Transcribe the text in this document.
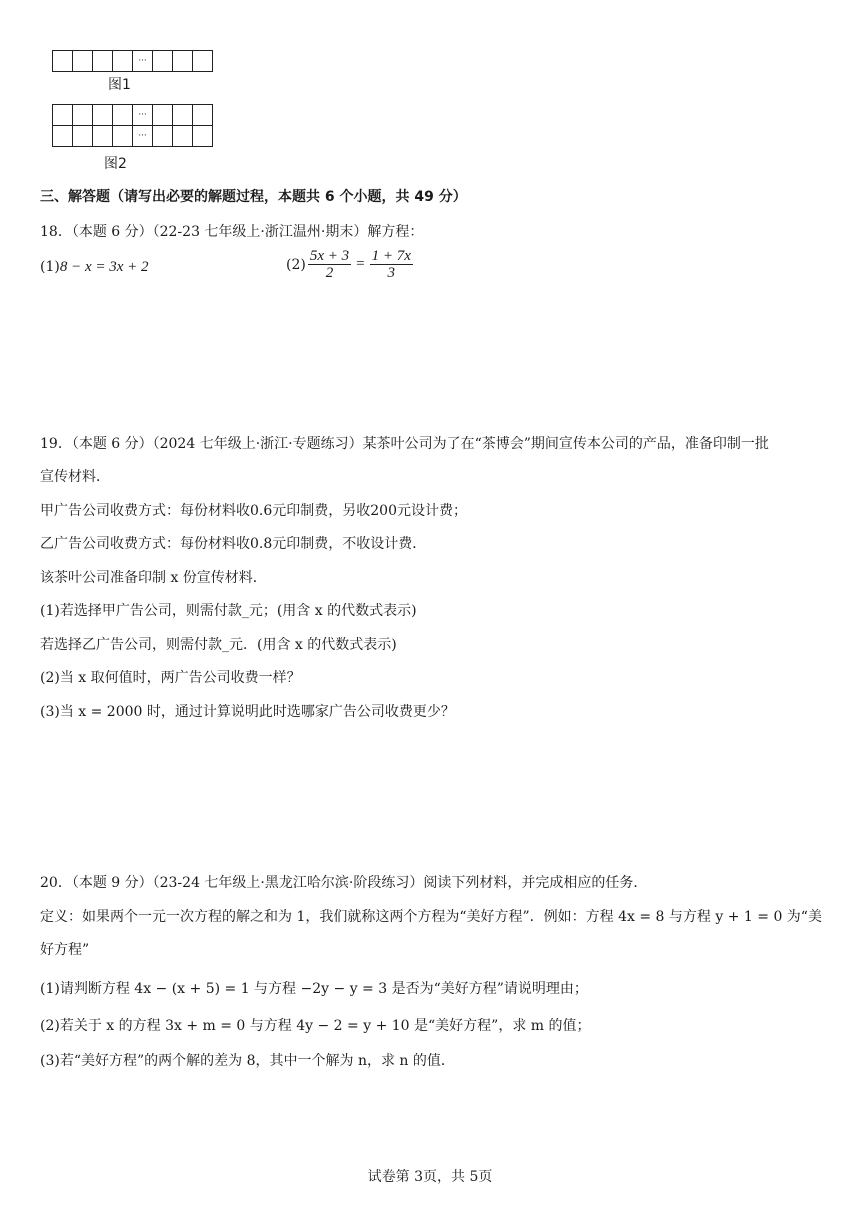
				···			
图1
				···			
				···			
图2
三、解答题（请写出必要的解题过程，本题共 6 个小题，共 49 分）
18．（本题 6 分）（22-23 七年级上·浙江温州·期末）解方程：
(1)8 − x = 3x + 2	$(2) \frac{5x + 3}{2} = \frac{1 + 7x}{3}$
19．（本题 6 分）（2024 七年级上·浙江·专题练习）某茶叶公司为了在“茶博会”期间宣传本公司的产品，准备印制一批
宣传材料．
甲广告公司收费方式：每份材料收0.6元印制费，另收200元设计费；
乙广告公司收费方式：每份材料收0.8元印制费，不收设计费．
该茶叶公司准备印制 x 份宣传材料．
(1)若选择甲广告公司，则需付款_元；(用含 x 的代数式表示)
若选择乙广告公司，则需付款_元．(用含 x 的代数式表示)
(2)当 x 取何值时，两广告公司收费一样？
(3)当 x = 2000 时，通过计算说明此时选哪家广告公司收费更少？
20．（本题 9 分）（23-24 七年级上·黑龙江哈尔滨·阶段练习）阅读下列材料，并完成相应的任务．
定义：如果两个一元一次方程的解之和为 1，我们就称这两个方程为“美好方程”．例如：方程 4x = 8 与方程 y + 1 = 0 为“美
好方程”
(1)请判断方程 4x − (x + 5) = 1 与方程 −2y − y = 3 是否为“美好方程”请说明理由；
(2)若关于 x 的方程 3x + m = 0 与方程 4y − 2 = y + 10 是“美好方程”，求 m 的值；
(3)若“美好方程”的两个解的差为 8，其中一个解为 n，求 n 的值．
试卷第 3页，共 5页
